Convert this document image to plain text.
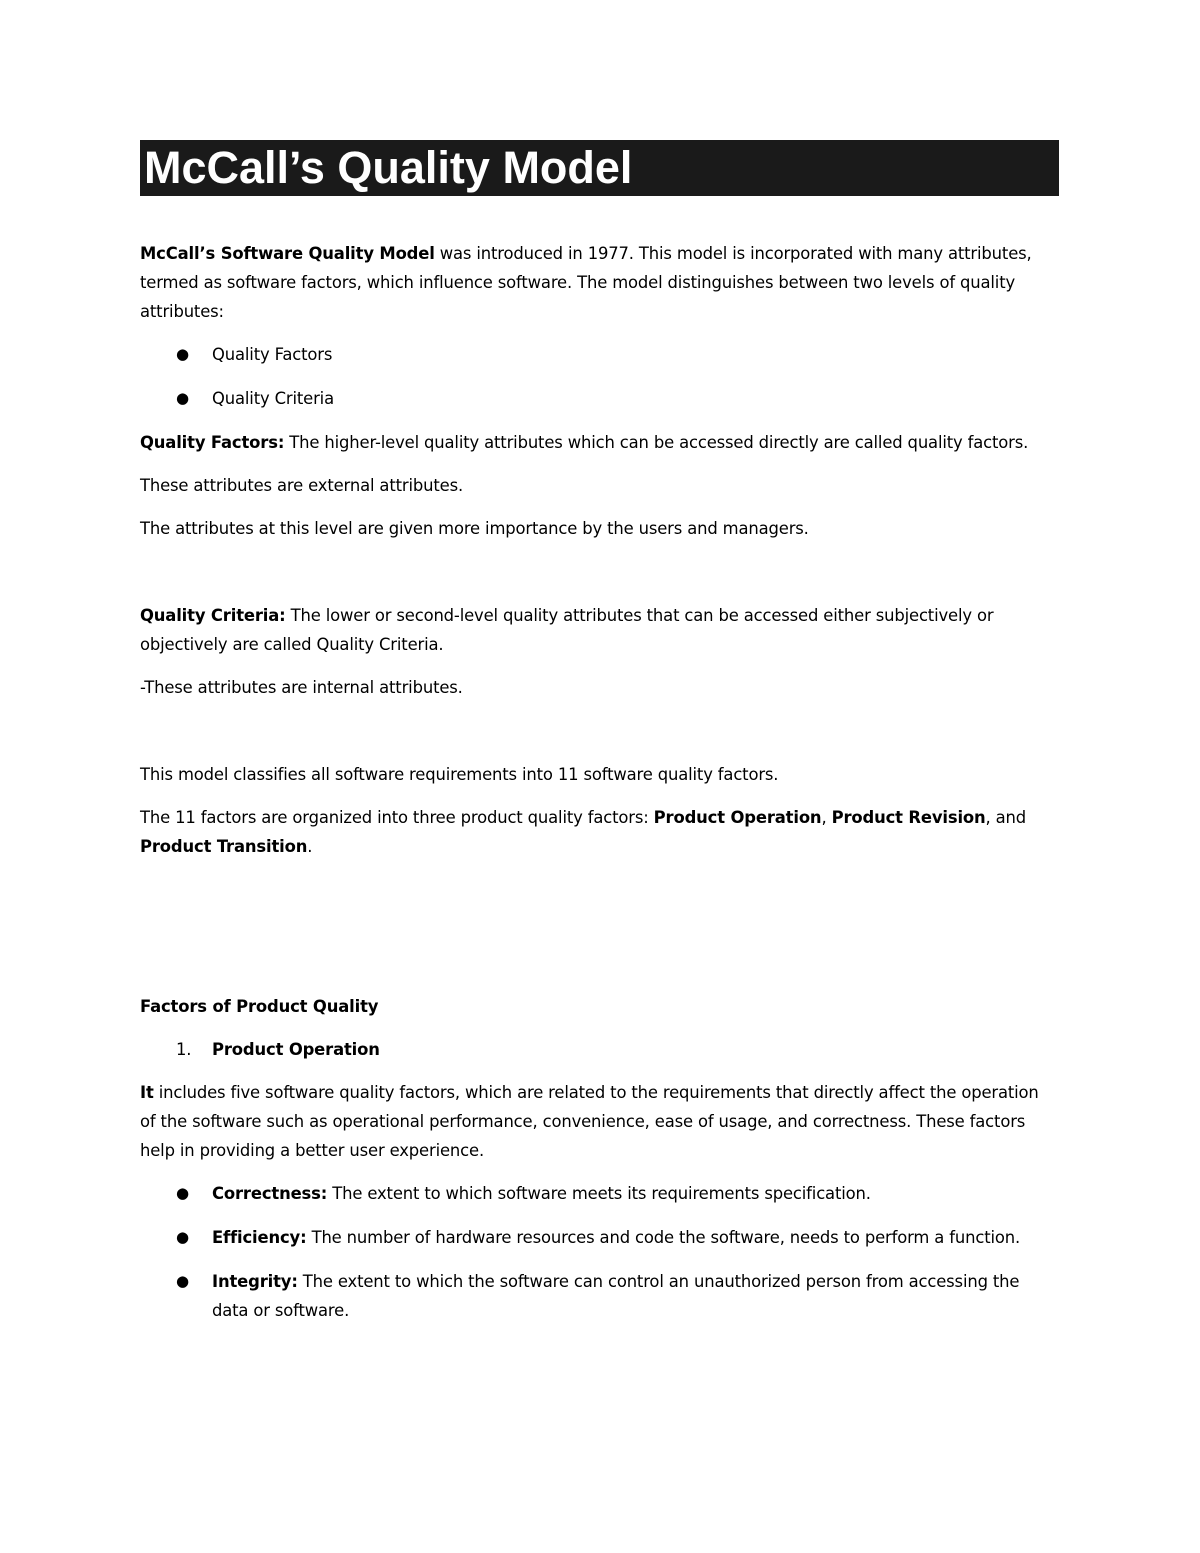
McCall’s Quality Model

McCall’s Software Quality Model was introduced in 1977. This model is incorporated with many attributes, termed as software factors, which influence software. The model distinguishes between two levels of quality attributes:

● Quality Factors
● Quality Criteria

Quality Factors: The higher-level quality attributes which can be accessed directly are called quality factors.

These attributes are external attributes.

The attributes at this level are given more importance by the users and managers.

Quality Criteria: The lower or second-level quality attributes that can be accessed either subjectively or objectively are called Quality Criteria.

-These attributes are internal attributes.

This model classifies all software requirements into 11 software quality factors.

The 11 factors are organized into three product quality factors: Product Operation, Product Revision, and Product Transition.

Factors of Product Quality

1. Product Operation

It includes five software quality factors, which are related to the requirements that directly affect the operation of the software such as operational performance, convenience, ease of usage, and correctness. These factors help in providing a better user experience.

● Correctness: The extent to which software meets its requirements specification.
● Efficiency: The number of hardware resources and code the software, needs to perform a function.
● Integrity: The extent to which the software can control an unauthorized person from accessing the data or software.
